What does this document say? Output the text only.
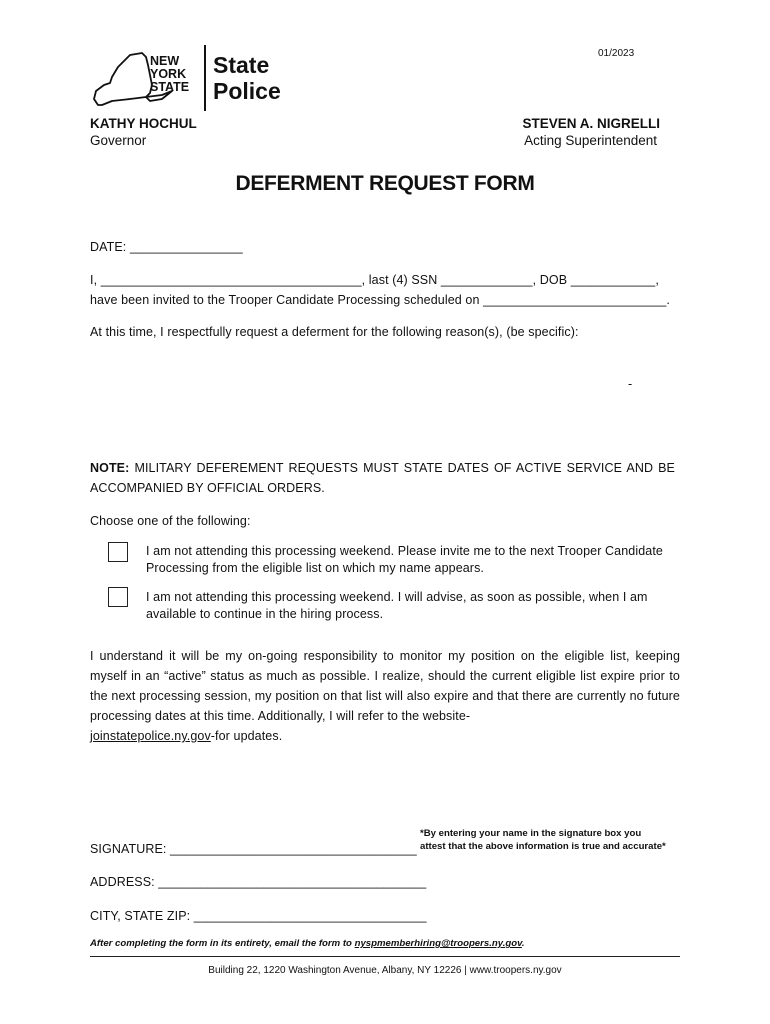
01/2023
NEW
YORK
STATE
State
Police
KATHY HOCHUL
Governor
STEVEN A. NIGRELLI
Acting Superintendent
DEFERMENT REQUEST FORM
DATE: ________________
I, _____________________________________, last (4) SSN _____________, DOB ____________,
have been invited to the Trooper Candidate Processing scheduled on __________________________.
At this time, I respectfully request a deferment for the following reason(s), (be specific):
-
NOTE: MILITARY DEFEREMENT REQUESTS MUST STATE DATES OF ACTIVE SERVICE AND BE
ACCOMPANIED BY OFFICIAL ORDERS.
Choose one of the following:
I am not attending this processing weekend. Please invite me to the next Trooper Candidate
Processing from the eligible list on which my name appears.
I am not attending this processing weekend. I will advise, as soon as possible, when I am
available to continue in the hiring process.
I understand it will be my on-going responsibility to monitor my position on the eligible list, keeping myself in an “active” status as much as possible. I realize, should the current eligible list expire prior to the next processing session, my position on that list will also expire and that there are currently no future processing dates at this time. Additionally, I will refer to the website-
joinstatepolice.ny.gov-for updates.
*By entering your name in the signature box you
attest that the above information is true and accurate*
SIGNATURE: ___________________________________
ADDRESS: ______________________________________
CITY, STATE ZIP: _________________________________
After completing the form in its entirety, email the form to nyspmemberhiring@troopers.ny.gov.
Building 22, 1220 Washington Avenue, Albany, NY 12226 | www.troopers.ny.gov
